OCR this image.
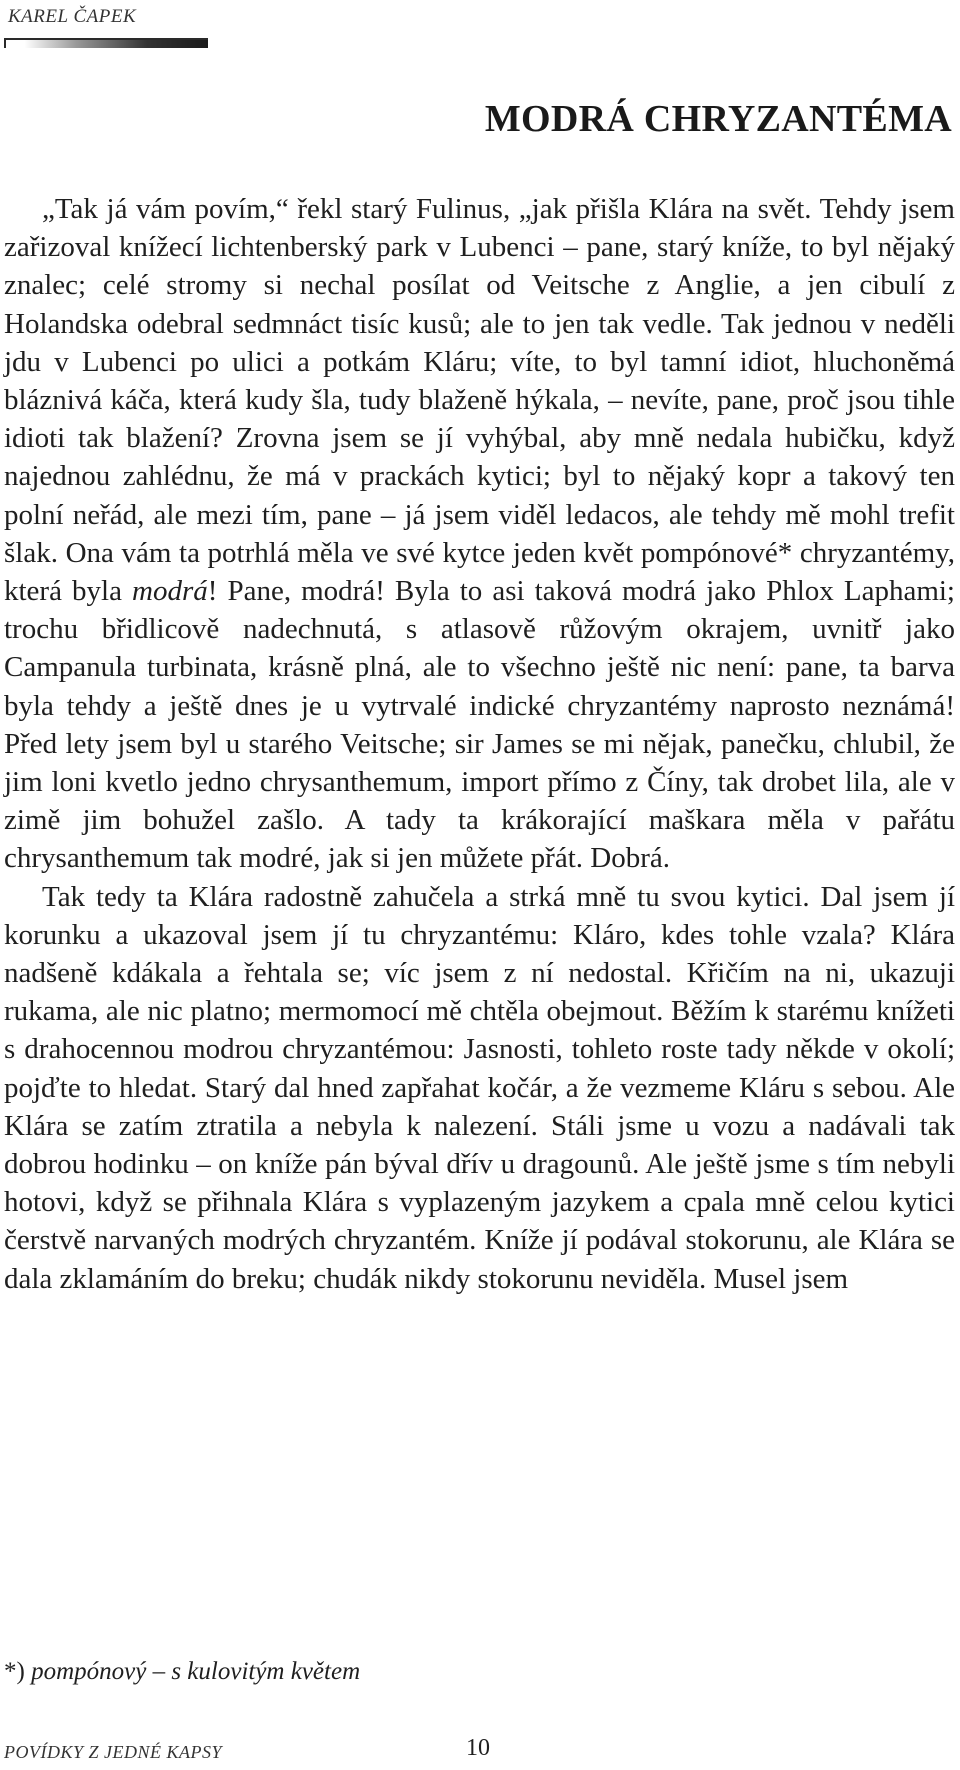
KAREL ČAPEK
MODRÁ CHRYZANTÉMA

„Tak já vám povím,“ řekl starý Fulinus, „jak přišla Klára na svět. Tehdy jsem zařizoval knížecí lichtenberský park v Lubenci – pane, starý kníže, to byl nějaký znalec; celé stromy si nechal posílat od Veitsche z Anglie, a jen cibulí z Holandska odebral sedmnáct tisíc kusů; ale to jen tak vedle. Tak jednou v neděli jdu v Lubenci po ulici a potkám Kláru; víte, to byl tamní idiot, hluchoněmá bláznivá káča, která kudy šla, tudy blaženě hýkala, – nevíte, pane, proč jsou tihle idioti tak blažení? Zrovna jsem se jí vyhýbal, aby mně nedala hubičku, když najednou zahlédnu, že má v prackách kytici; byl to nějaký kopr a takový ten polní neřád, ale mezi tím, pane – já jsem viděl ledacos, ale tehdy mě mohl trefit šlak. Ona vám ta potrhlá měla ve své kytce jeden květ pompónové* chryzantémy, která byla modrá! Pane, modrá! Byla to asi taková modrá jako Phlox Laphami; trochu břidlicově nadechnutá, s atlasově růžovým okrajem, uvnitř jako Campanula turbinata, krásně plná, ale to všechno ještě nic není: pane, ta barva byla tehdy a ještě dnes je u vytrvalé indické chryzantémy naprosto neznámá! Před lety jsem byl u starého Veitsche; sir James se mi nějak, panečku, chlubil, že jim loni kvetlo jedno chrysanthemum, import přímo z Číny, tak drobet lila, ale v zimě jim bohužel zašlo. A tady ta krákorající maškara měla v pařátu chrysanthemum tak modré, jak si jen můžete přát. Dobrá.

Tak tedy ta Klára radostně zahučela a strká mně tu svou kytici. Dal jsem jí korunku a ukazoval jsem jí tu chryzantému: Kláro, kdes tohle vzala? Klára nadšeně kdákala a řehtala se; víc jsem z ní nedostal. Křičím na ni, ukazuji rukama, ale nic platno; mermomocí mě chtěla obejmout. Běžím k starému knížeti s drahocennou modrou chryzantémou: Jasnosti, tohleto roste tady někde v okolí; pojďte to hledat. Starý dal hned zapřahat kočár, a že vezmeme Kláru s sebou. Ale Klára se zatím ztratila a nebyla k nalezení. Stáli jsme u vozu a nadávali tak dobrou hodinku – on kníže pán býval dřív u dragounů. Ale ještě jsme s tím nebyli hotovi, když se přihnala Klára s vyplazeným jazykem a cpala mně celou kytici čerstvě narvaných modrých chryzantém. Kníže jí podával stokorunu, ale Klára se dala zklamáním do breku; chudák nikdy stokorunu neviděla. Musel jsem

*) pompónový – s kulovitým květem
POVÍDKY Z JEDNÉ KAPSY	10
